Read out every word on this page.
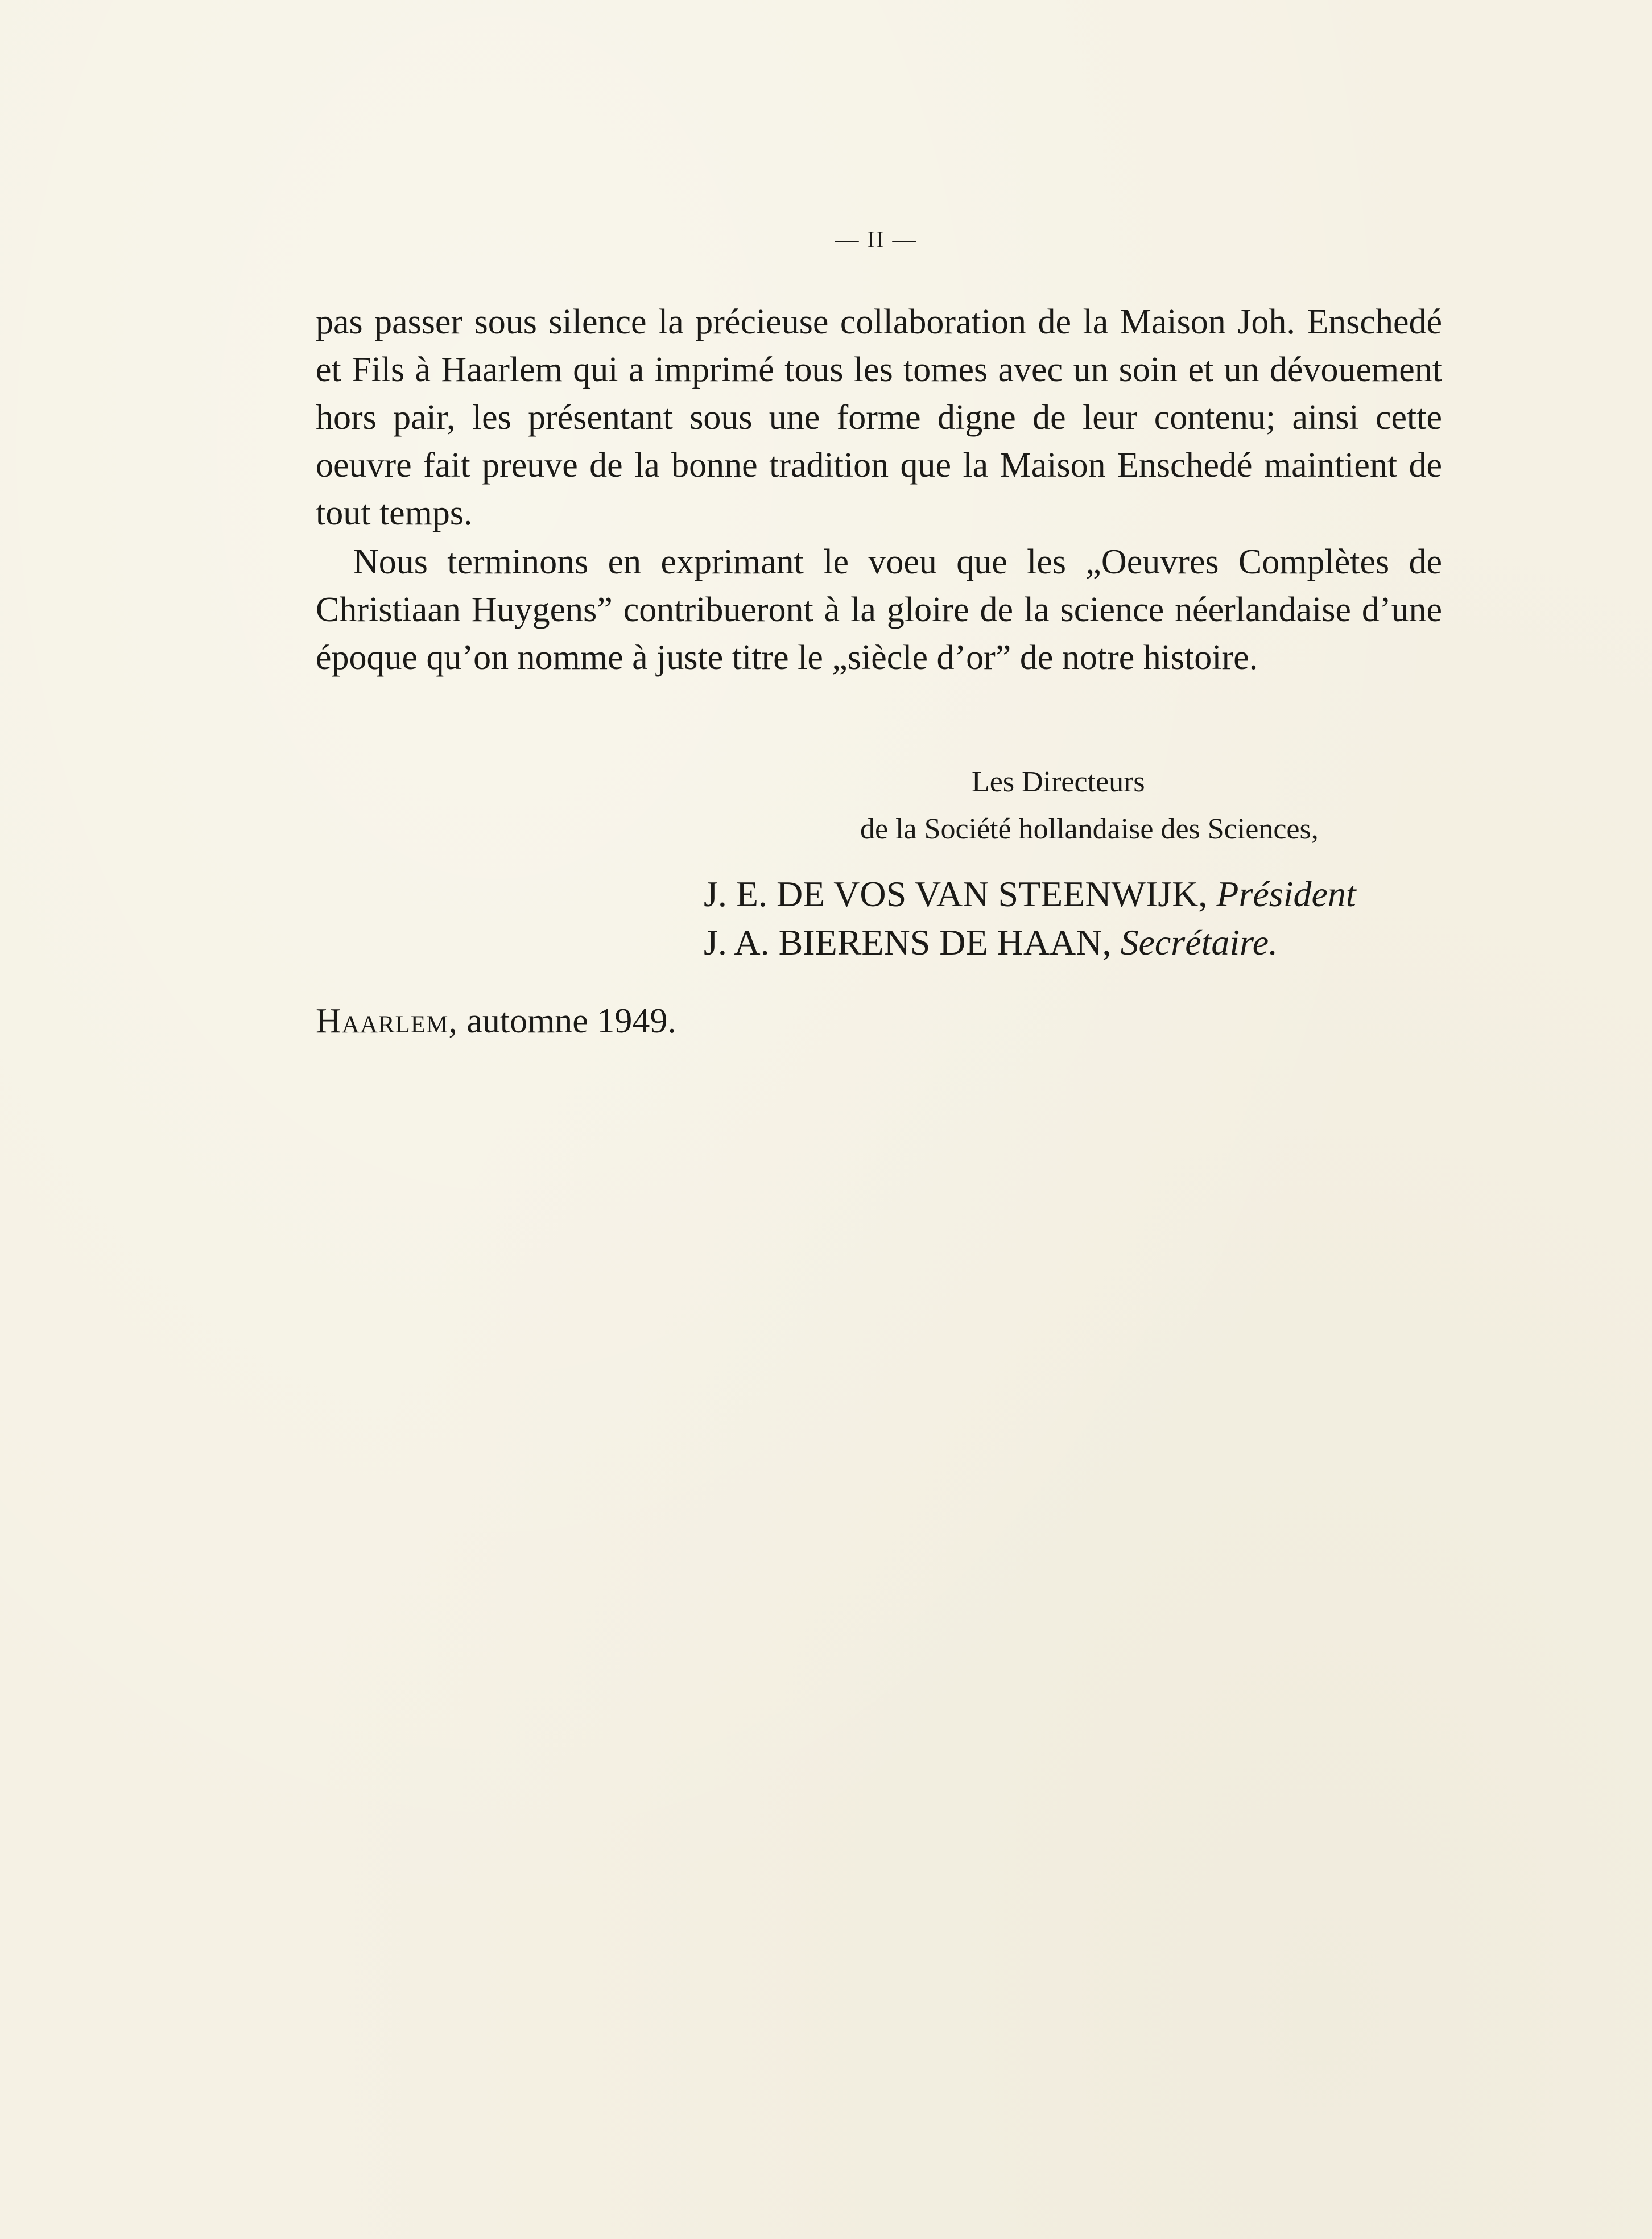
— II —
pas passer sous silence la précieuse collaboration de la Maison Joh. Enschedé et Fils à Haarlem qui a imprimé tous les tomes avec un soin et un dévouement hors pair, les présentant sous une forme digne de leur contenu; ainsi cette oeuvre fait preuve de la bonne tradition que la Maison Enschedé maintient de tout temps.
Nous terminons en exprimant le voeu que les „Oeuvres Complètes de Christiaan Huygens” contribueront à la gloire de la science néerlandaise d’une époque qu’on nomme à juste titre le „siècle d’or” de notre histoire.
Les Directeurs
de la Société hollandaise des Sciences,
J. E. DE VOS VAN STEENWIJK, Président
J. A. BIERENS DE HAAN, Secrétaire.
Haarlem, automne 1949.
